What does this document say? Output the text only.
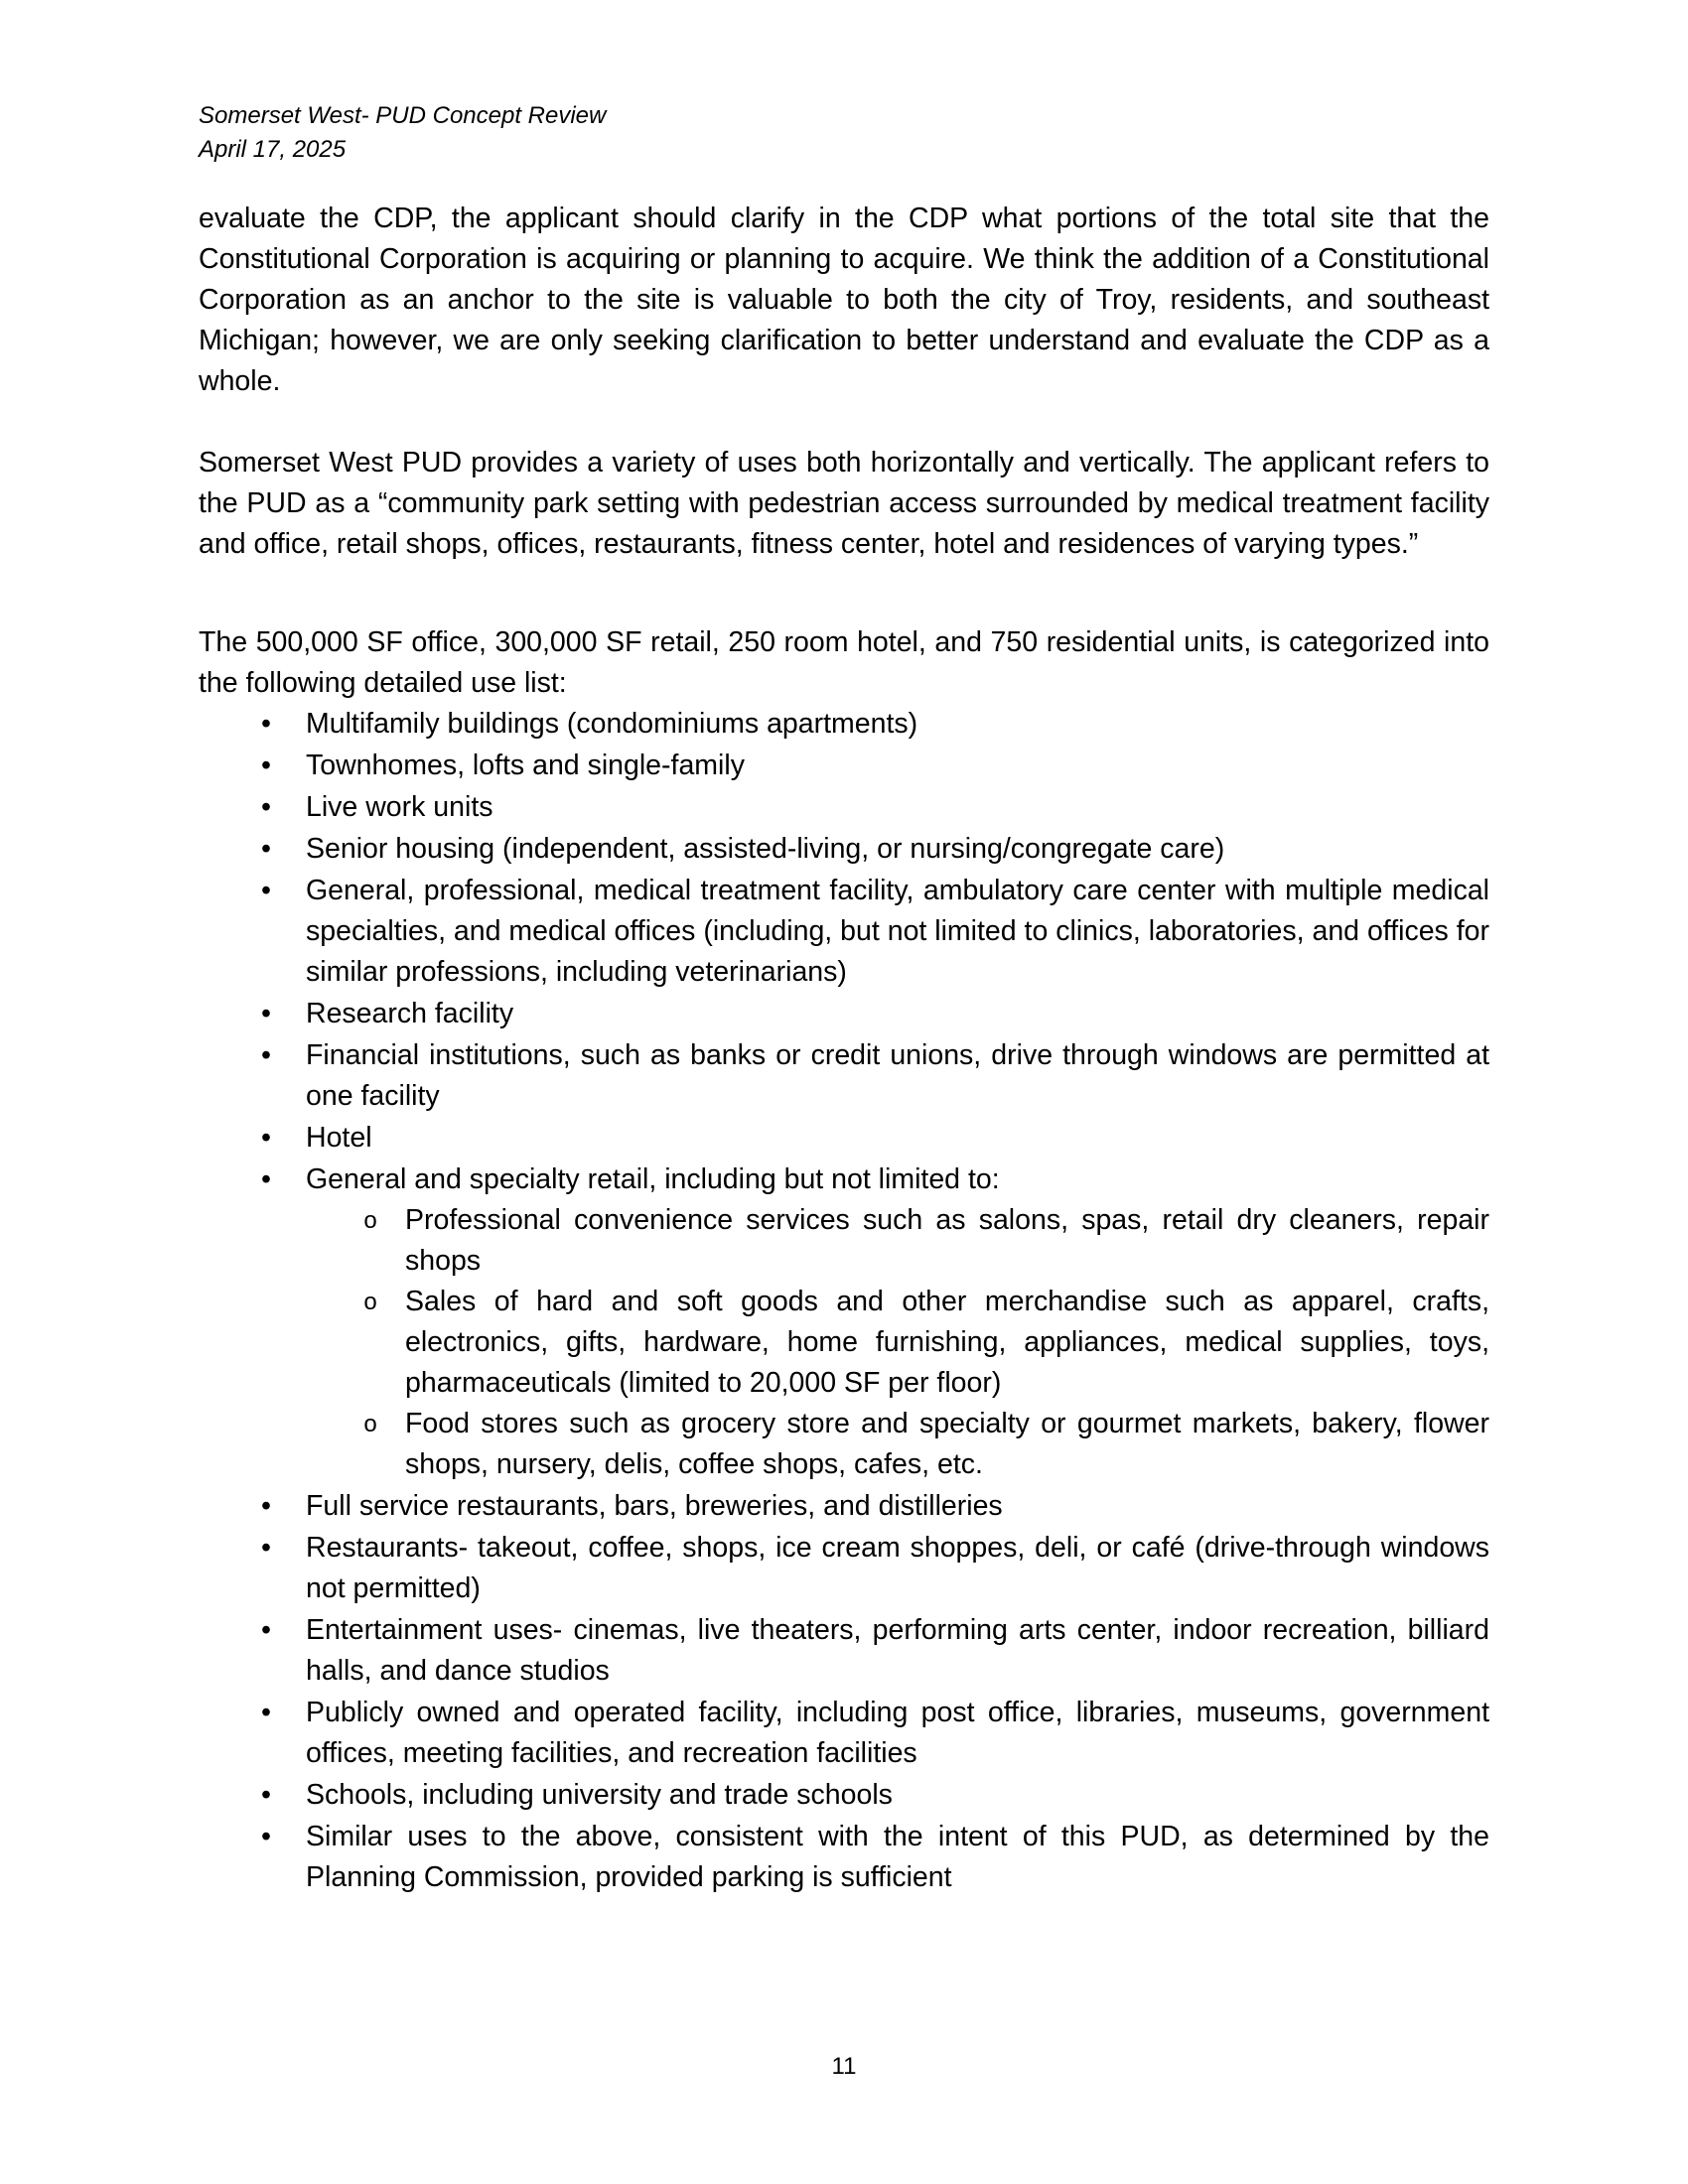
Somerset West- PUD Concept Review
April 17, 2025

evaluate the CDP, the applicant should clarify in the CDP what portions of the total site that the Constitutional Corporation is acquiring or planning to acquire. We think the addition of a Constitutional Corporation as an anchor to the site is valuable to both the city of Troy, residents, and southeast Michigan; however, we are only seeking clarification to better understand and evaluate the CDP as a whole.

Somerset West PUD provides a variety of uses both horizontally and vertically. The applicant refers to the PUD as a “community park setting with pedestrian access surrounded by medical treatment facility and office, retail shops, offices, restaurants, fitness center, hotel and residences of varying types.”

The 500,000 SF office, 300,000 SF retail, 250 room hotel, and 750 residential units, is categorized into the following detailed use list:

• Multifamily buildings (condominiums apartments)
• Townhomes, lofts and single-family
• Live work units
• Senior housing (independent, assisted-living, or nursing/congregate care)
• General, professional, medical treatment facility, ambulatory care center with multiple medical specialties, and medical offices (including, but not limited to clinics, laboratories, and offices for similar professions, including veterinarians)
• Research facility
• Financial institutions, such as banks or credit unions, drive through windows are permitted at one facility
• Hotel
• General and specialty retail, including but not limited to:
o Professional convenience services such as salons, spas, retail dry cleaners, repair shops
o Sales of hard and soft goods and other merchandise such as apparel, crafts, electronics, gifts, hardware, home furnishing, appliances, medical supplies, toys, pharmaceuticals (limited to 20,000 SF per floor)
o Food stores such as grocery store and specialty or gourmet markets, bakery, flower shops, nursery, delis, coffee shops, cafes, etc.
• Full service restaurants, bars, breweries, and distilleries
• Restaurants- takeout, coffee, shops, ice cream shoppes, deli, or café (drive-through windows not permitted)
• Entertainment uses- cinemas, live theaters, performing arts center, indoor recreation, billiard halls, and dance studios
• Publicly owned and operated facility, including post office, libraries, museums, government offices, meeting facilities, and recreation facilities
• Schools, including university and trade schools
• Similar uses to the above, consistent with the intent of this PUD, as determined by the Planning Commission, provided parking is sufficient
11
